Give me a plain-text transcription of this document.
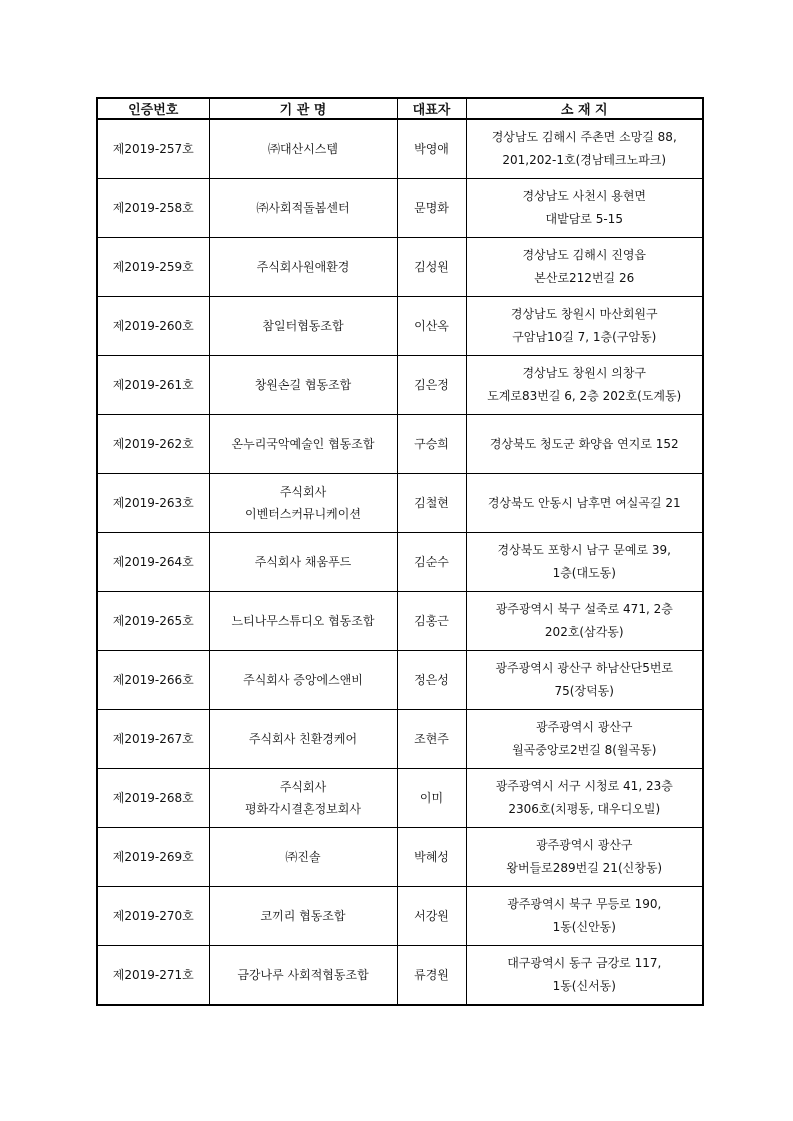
인증번호	기 관 명	대표자	소 재 지
제2019-257호	㈜대산시스템	박영애	경상남도 김해시 주촌면 소망길 88,
201,202-1호(경남테크노파크)

제2019-258호	㈜사회적돌봄센터	문명화	경상남도 사천시 용현면
대밭담로 5-15

제2019-259호	주식회사원애환경	김성원	경상남도 김해시 진영읍
본산로212번길 26

제2019-260호	참일터협동조합	이산옥	경상남도 창원시 마산회원구
구암남10길 7, 1층(구암동)

제2019-261호	창원손길 협동조합	김은정	경상남도 창원시 의창구
도계로83번길 6, 2층 202호(도계동)

제2019-262호	온누리국악예술인 협동조합	구승희	경상북도 청도군 화양읍 연지로 152

제2019-263호	주식회사
이벤터스커뮤니케이션	김철현	경상북도 안동시 남후면 여실곡길 21

제2019-264호	주식회사 채움푸드	김순수	경상북도 포항시 남구 문예로 39,
1층(대도동)

제2019-265호	느티나무스튜디오 협동조합	김홍근	광주광역시 북구 설죽로 471, 2층
202호(삼각동)

제2019-266호	주식회사 증앙에스앤비	정은성	광주광역시 광산구 하남산단5번로
75(장덕동)

제2019-267호	주식회사 친환경케어	조현주	광주광역시 광산구
월곡중앙로2번길 8(월곡동)

제2019-268호	주식회사
평화각시결혼정보회사	이미	광주광역시 서구 시청로 41, 23층
2306호(치평동, 대우디오빌)

제2019-269호	㈜진솔	박혜성	광주광역시 광산구
왕버들로289번길 21(신창동)

제2019-270호	코끼리 협동조합	서강원	광주광역시 북구 무등로 190,
1동(신안동)

제2019-271호	금강나루 사회적협동조합	류경원	대구광역시 동구 금강로 117,
1동(신서동)
